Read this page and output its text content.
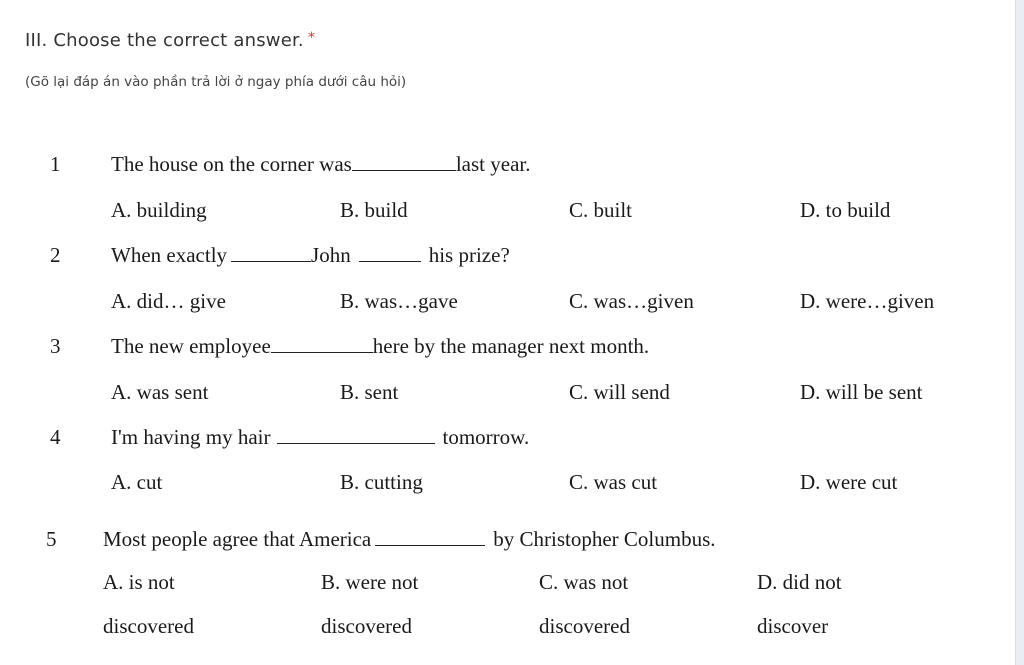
III. Choose the correct answer. *
(Gõ lại đáp án vào phần trả lời ở ngay phía dưới câu hỏi)
1 The house on the corner was	last year.
A. building	B. build	C. built	D. to build
2 When exactly	John	his prize?
A. did… give	B. was…gave	C. was…given	D. were…given
3 The new employee	here by the manager next month.
A. was sent	B. sent	C. will send	D. will be sent
4 I'm having my hair	tomorrow.
A. cut	B. cutting	C. was cut	D. were cut
5 Most people agree that America	by Christopher Columbus.
A. is not
discovered
B. were not
discovered
C. was not
discovered
D. did not
discover
